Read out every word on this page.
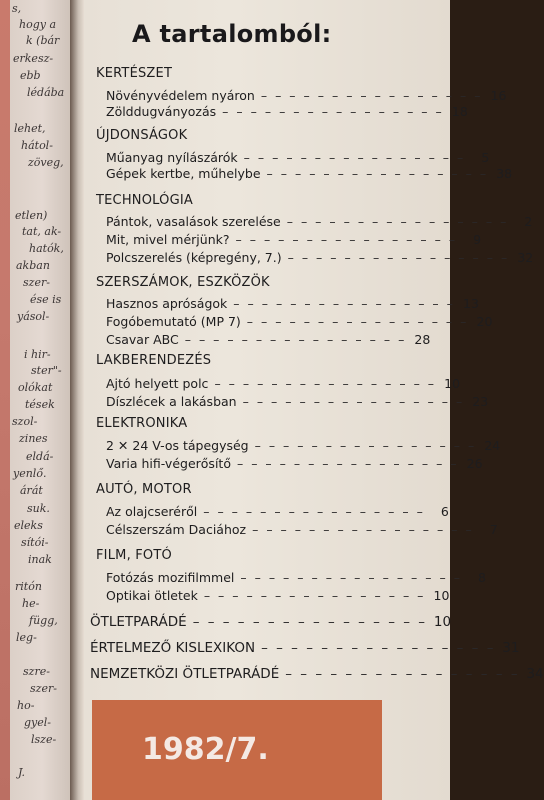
s,
hogy a
k (bár
erkesz-
ebb
lédába
lehet,
hátol-
zöveg,
etlen)
tat, ak-
hatók,
akban
szer-
ése is
yásol-
i hir-
ster"-
olókat
tések
szol-
zines
eldá-
yenlő.
árát
suk.
eleks
sítói-
inak
ritón
he-
függ,
leg-
szre-
szer-
ho-
gyel-
lsze-
J.
A tartalomból:
KERTÉSZET
Növényvédelem nyáron – – – – – – – – – – – – – – – – 16
Zölddugványozás – – – – – – – – – – – – – – – – 18
ÚJDONSÁGOK
Műanyag nyílászárók – – – – – – – – – – – – – – – –	5
Gépek kertbe, műhelybe – – – – – – – – – – – – – – – – 38
TECHNOLÓGIA
Pántok, vasalások szerelése – – – – – – – – – – – – – – – –	2
Mit, mivel mérjünk? – – – – – – – – – – – – – – – –	9
Polcszerelés (képregény, 7.) – – – – – – – – – – – – – – – – 32
SZERSZÁMOK, ESZKÖZÖK
Hasznos apróságok – – – – – – – – – – – – – – – – 13
Fogóbemutató (MP 7) – – – – – – – – – – – – – – – – 20
Csavar ABC – – – – – – – – – – – – – – – – 28
LAKBERENDEZÉS
Ajtó helyett polc – – – – – – – – – – – – – – – – 10
Díszlécek a lakásban – – – – – – – – – – – – – – – – 23
ELEKTRONIKA
2 ✕ 24 V-os tápegység – – – – – – – – – – – – – – – – 24
Varia hifi-végerősítő – – – – – – – – – – – – – – – – 26
AUTÓ, MOTOR
Az olajcseréről – – – – – – – – – – – – – – – –	6
Célszerszám Daciához – – – – – – – – – – – – – – – –	7
FILM, FOTÓ
Fotózás mozifilmmel – – – – – – – – – – – – – – – –	8
Optikai ötletek – – – – – – – – – – – – – – – – 10
ÖTLETPARÁDÉ – – – – – – – – – – – – – – – – 10
ÉRTELMEZŐ KISLEXIKON – – – – – – – – – – – – – – – – 31
NEMZETKÖZI ÖTLETPARÁDÉ – – – – – – – – – – – – – – – – 34
1982/7.
